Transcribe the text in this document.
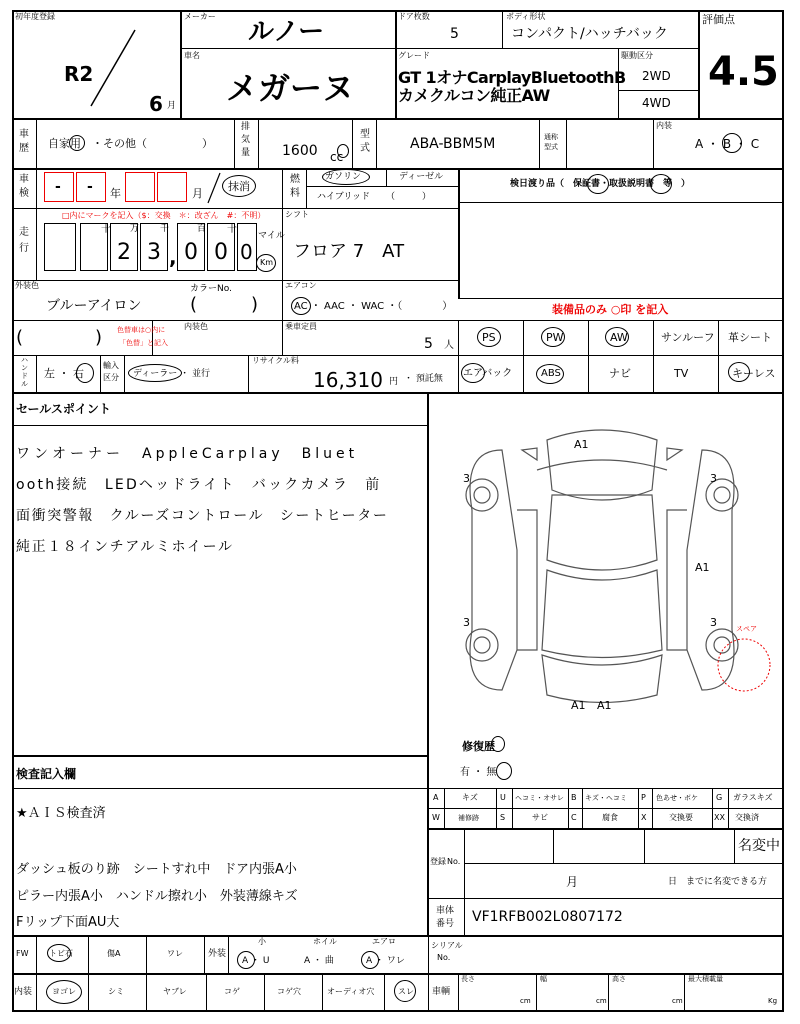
初年度登録
R2
6 月
メーカー
ルノー
ドア枚数
5
ボディ形状
コンパクト/ハッチバック
評価点
4.5
車名
メガーヌ
グレード
GT 1オナCarplayBluetoothB
カメクルコン純正AW
駆動区分
2WD
4WD
車
歴 自家用　・その他（　　　　　）
排
気
量 1600 cc
型
式	ABA-BBM5M	通称
型式
内装
A ・ B ・ C
車
検 - - 年	月
抹消
燃
料
ガソリン	ディーゼル
ハイブリッド （　　　）
検日渡り品（　保証書・取扱説明書　等　）
走
行
□内にマークを記入（$：交換　＊：改ざん　#：不明）
2 3 , 0 0 0
十 万 千	百 十
マイル
Km
シフト
フロア 7　AT
外装色
ブルーアイロン
カラーNo.
(　　　)
エアコン
AC ・ AAC ・ WAC ・（　　　　）	装備品のみ ○印 を記入
(　　　　) 色替車は○内に
「色替」と記入
内装色	乗車定員
5 人
PS	PW	AW	サンルーフ 革シート
ハ
ン
ド
ル
左 ・ 右
輸入
区分 ディーラー ・ 並行
リサイクル料
16,310 円 ・ 預託無 エアバック	ABS	ナビ	TV	キーレス
セールスポイント
ワンオーナー　AppleCarplay　Bluet
ooth接続　LEDヘッドライト　バックカメラ　前
面衝突警報　クルーズコントロール　シートヒーター
純正１８インチアルミホイール
A1
3	3
A1
3	3
A1 A1
スペア
修復歴
有 ・ 無
検査記入欄
★ＡＩＳ検査済
ダッシュ板のり跡　シートすれ中　ドア内張A小
ピラー内張A小　ハンドル擦れ小　外装薄線キズ
Fリップ下面AU大
A	キズ	U ヘコミ・オサレ B キズ・ヘコミ P 色あせ・ボケ G ガラスキズ
W	補修跡	S	サビ	C	腐食	X	交換要	XX 交換済
登録 No.
名変中
月	日　までに名変できる方
車体
番号 VF1RFB002L0807172
FW	トビ石	傷A	ワレ	外装
小
A ・ U
ホイル
A ・ 曲
エアロ
A ・ ワレ
シリアル
No.
内装 ヨゴレ	シミ	ヤブレ	コゲ	コゲ穴	オーディオ穴	スレ 車輌
長さ
cm
幅
cm
高さ
cm
最大積載量
Kg
